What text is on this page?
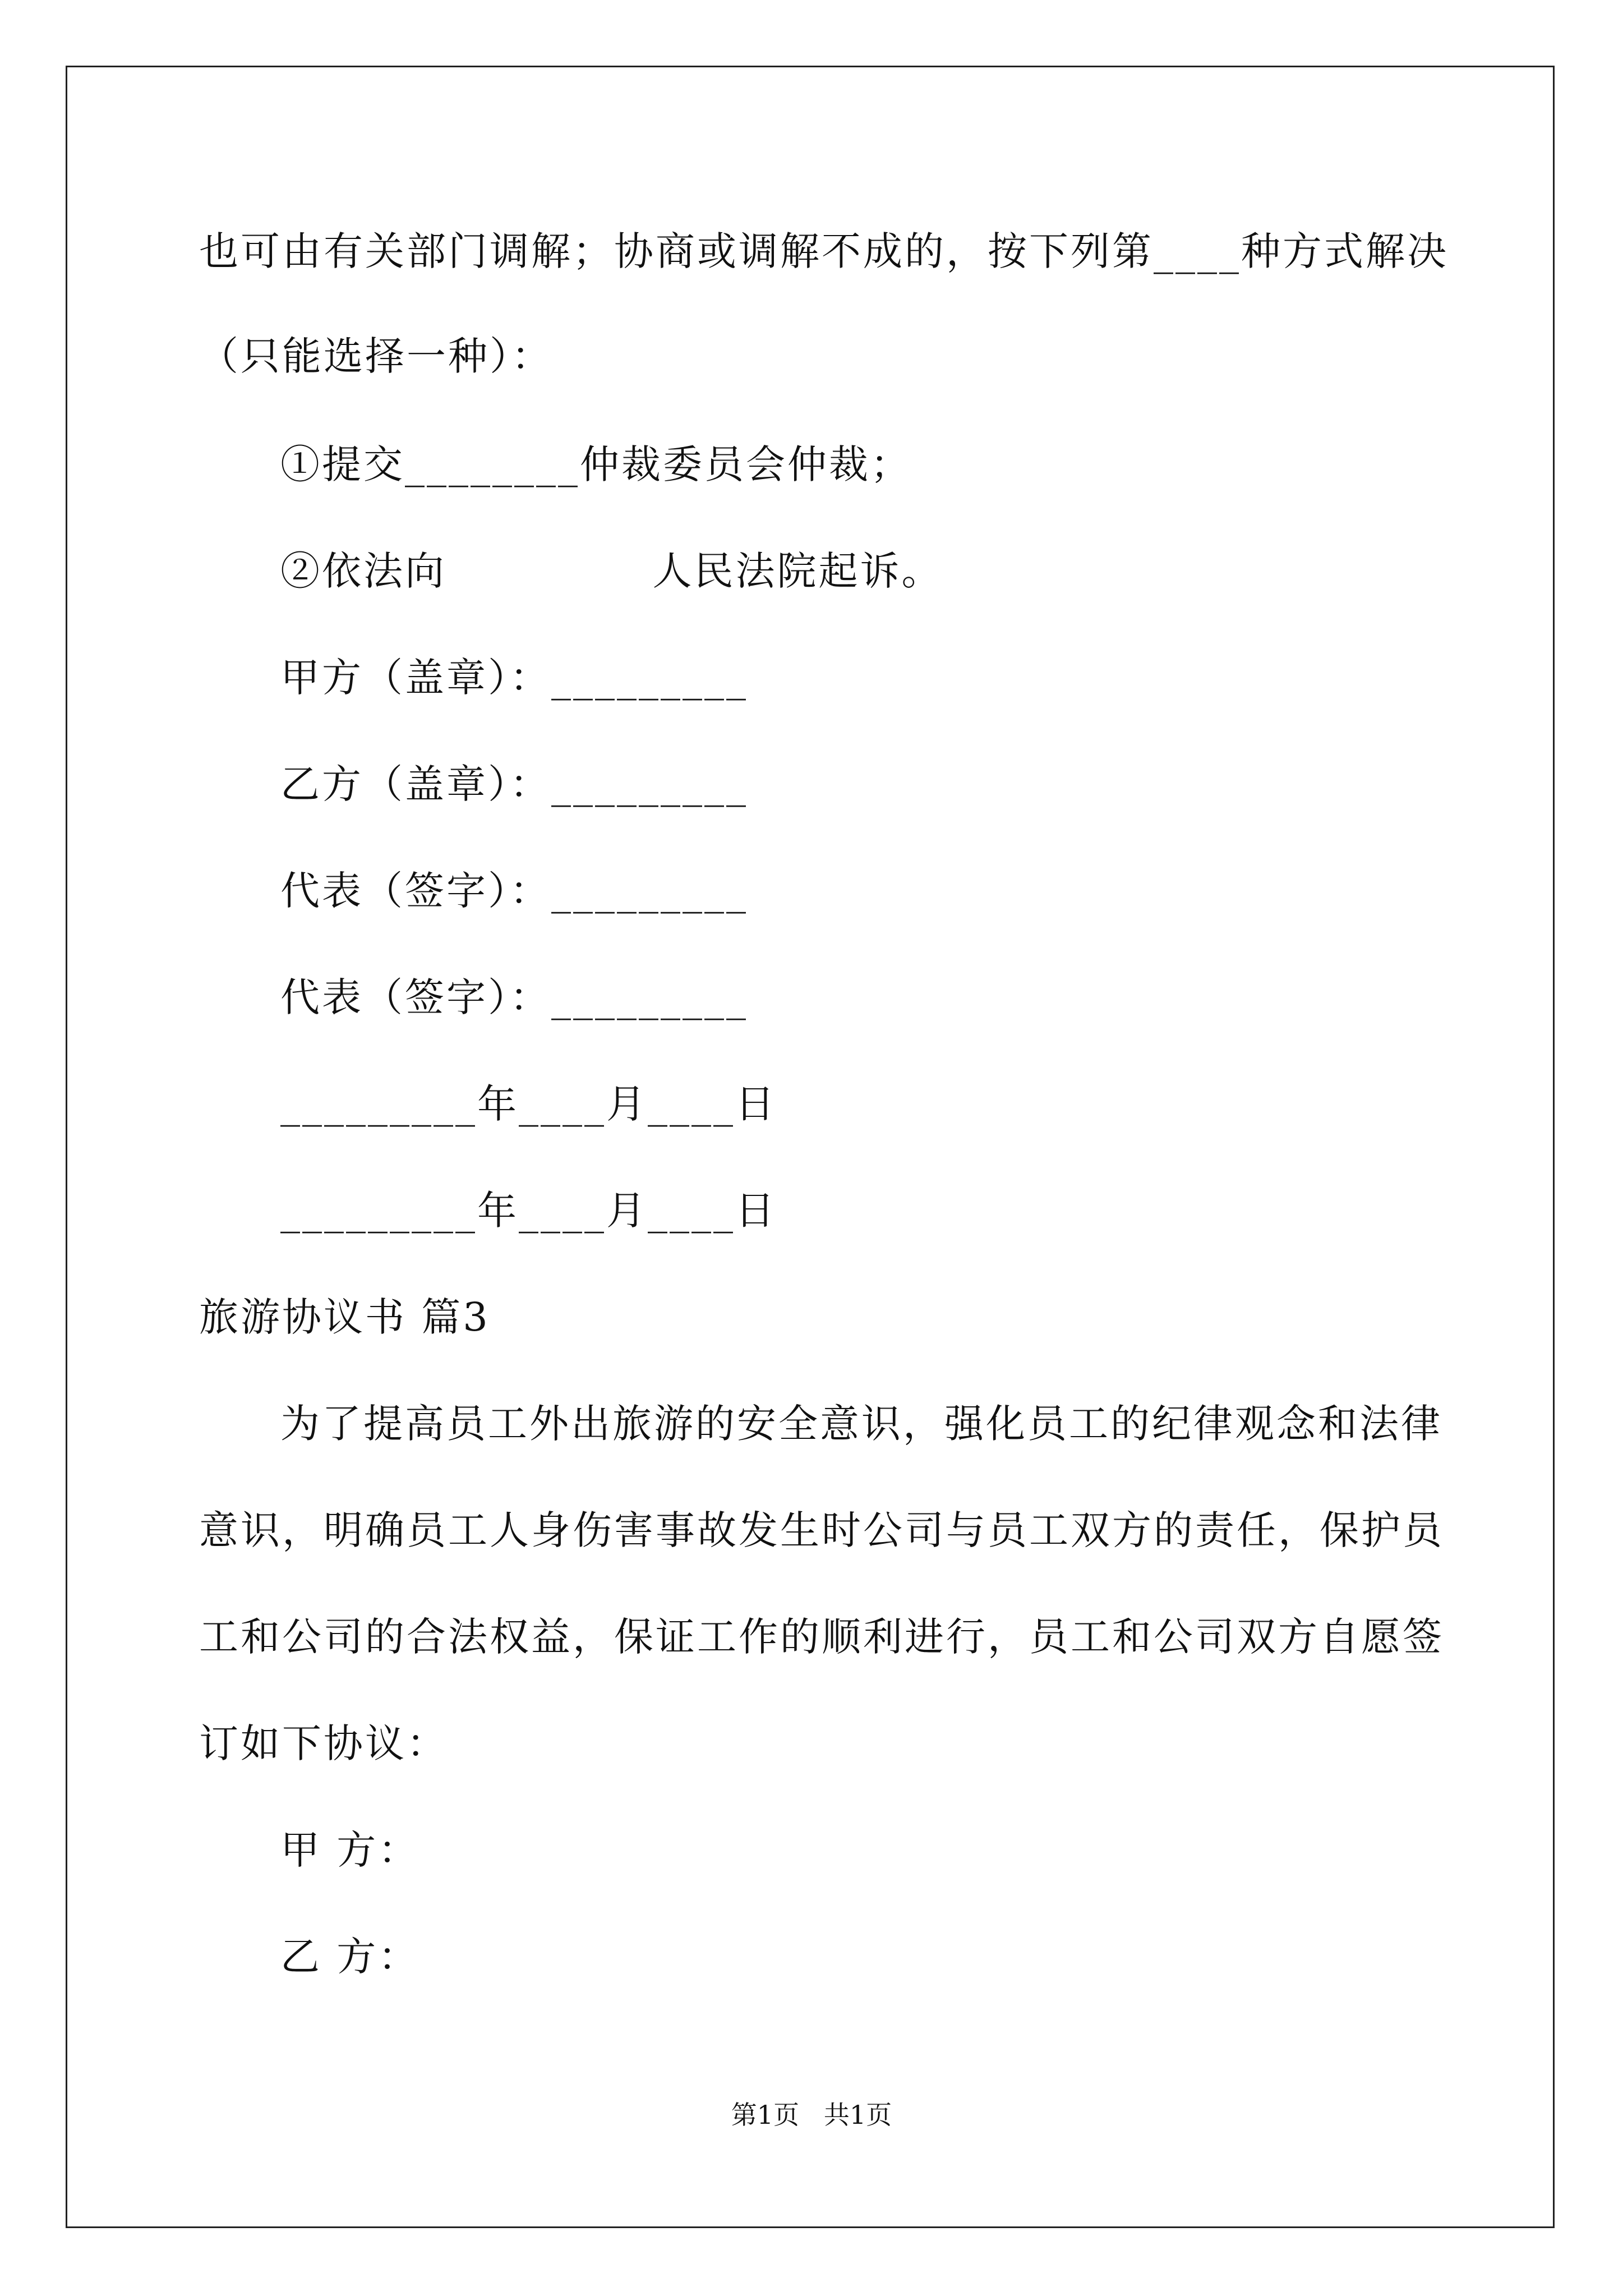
也可由有关部门调解；协商或调解不成的，按下列第____种方式解决
（只能选择一种）：
①提交________仲裁委员会仲裁；
②依法向              人民法院起诉。
甲方（盖章）：_________
乙方（盖章）：_________
代表（签字）：_________
代表（签字）：_________
_________年____月____日
_________年____月____日
旅游协议书 篇3
为了提高员工外出旅游的安全意识，强化员工的纪律观念和法律
意识，明确员工人身伤害事故发生时公司与员工双方的责任，保护员
工和公司的合法权益，保证工作的顺利进行，员工和公司双方自愿签
订如下协议：
甲 方：
乙 方：
第1页   共1页
